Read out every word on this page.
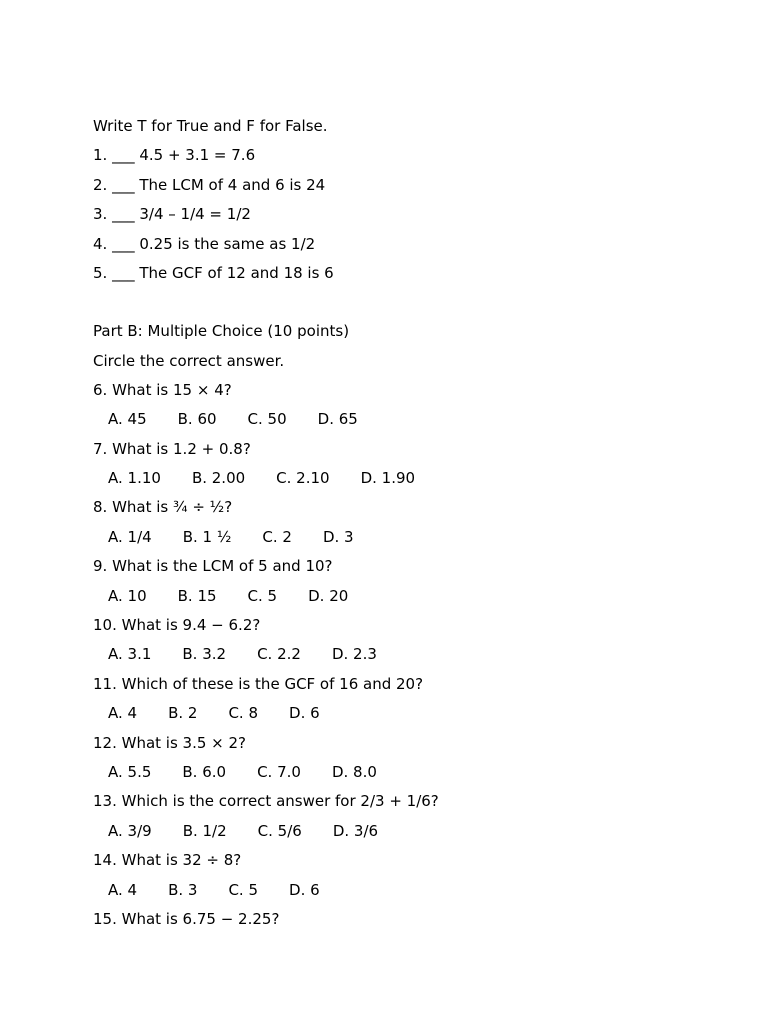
Write T for True and F for False.
1. ___ 4.5 + 3.1 = 7.6
2. ___ The LCM of 4 and 6 is 24
3. ___ 3/4 – 1/4 = 1/2
4. ___ 0.25 is the same as 1/2
5. ___ The GCF of 12 and 18 is 6
Part B: Multiple Choice (10 points)
Circle the correct answer.
6. What is 15 × 4?
A. 45 B. 60 C. 50 D. 65
7. What is 1.2 + 0.8?
A. 1.10 B. 2.00 C. 2.10 D. 1.90
8. What is ¾ ÷ ½?
A. 1/4 B. 1 ½ C. 2 D. 3
9. What is the LCM of 5 and 10?
A. 10 B. 15 C. 5 D. 20
10. What is 9.4 − 6.2?
A. 3.1 B. 3.2 C. 2.2 D. 2.3
11. Which of these is the GCF of 16 and 20?
A. 4 B. 2 C. 8 D. 6
12. What is 3.5 × 2?
A. 5.5 B. 6.0 C. 7.0 D. 8.0
13. Which is the correct answer for 2/3 + 1/6?
A. 3/9 B. 1/2 C. 5/6 D. 3/6
14. What is 32 ÷ 8?
A. 4 B. 3 C. 5 D. 6
15. What is 6.75 − 2.25?
